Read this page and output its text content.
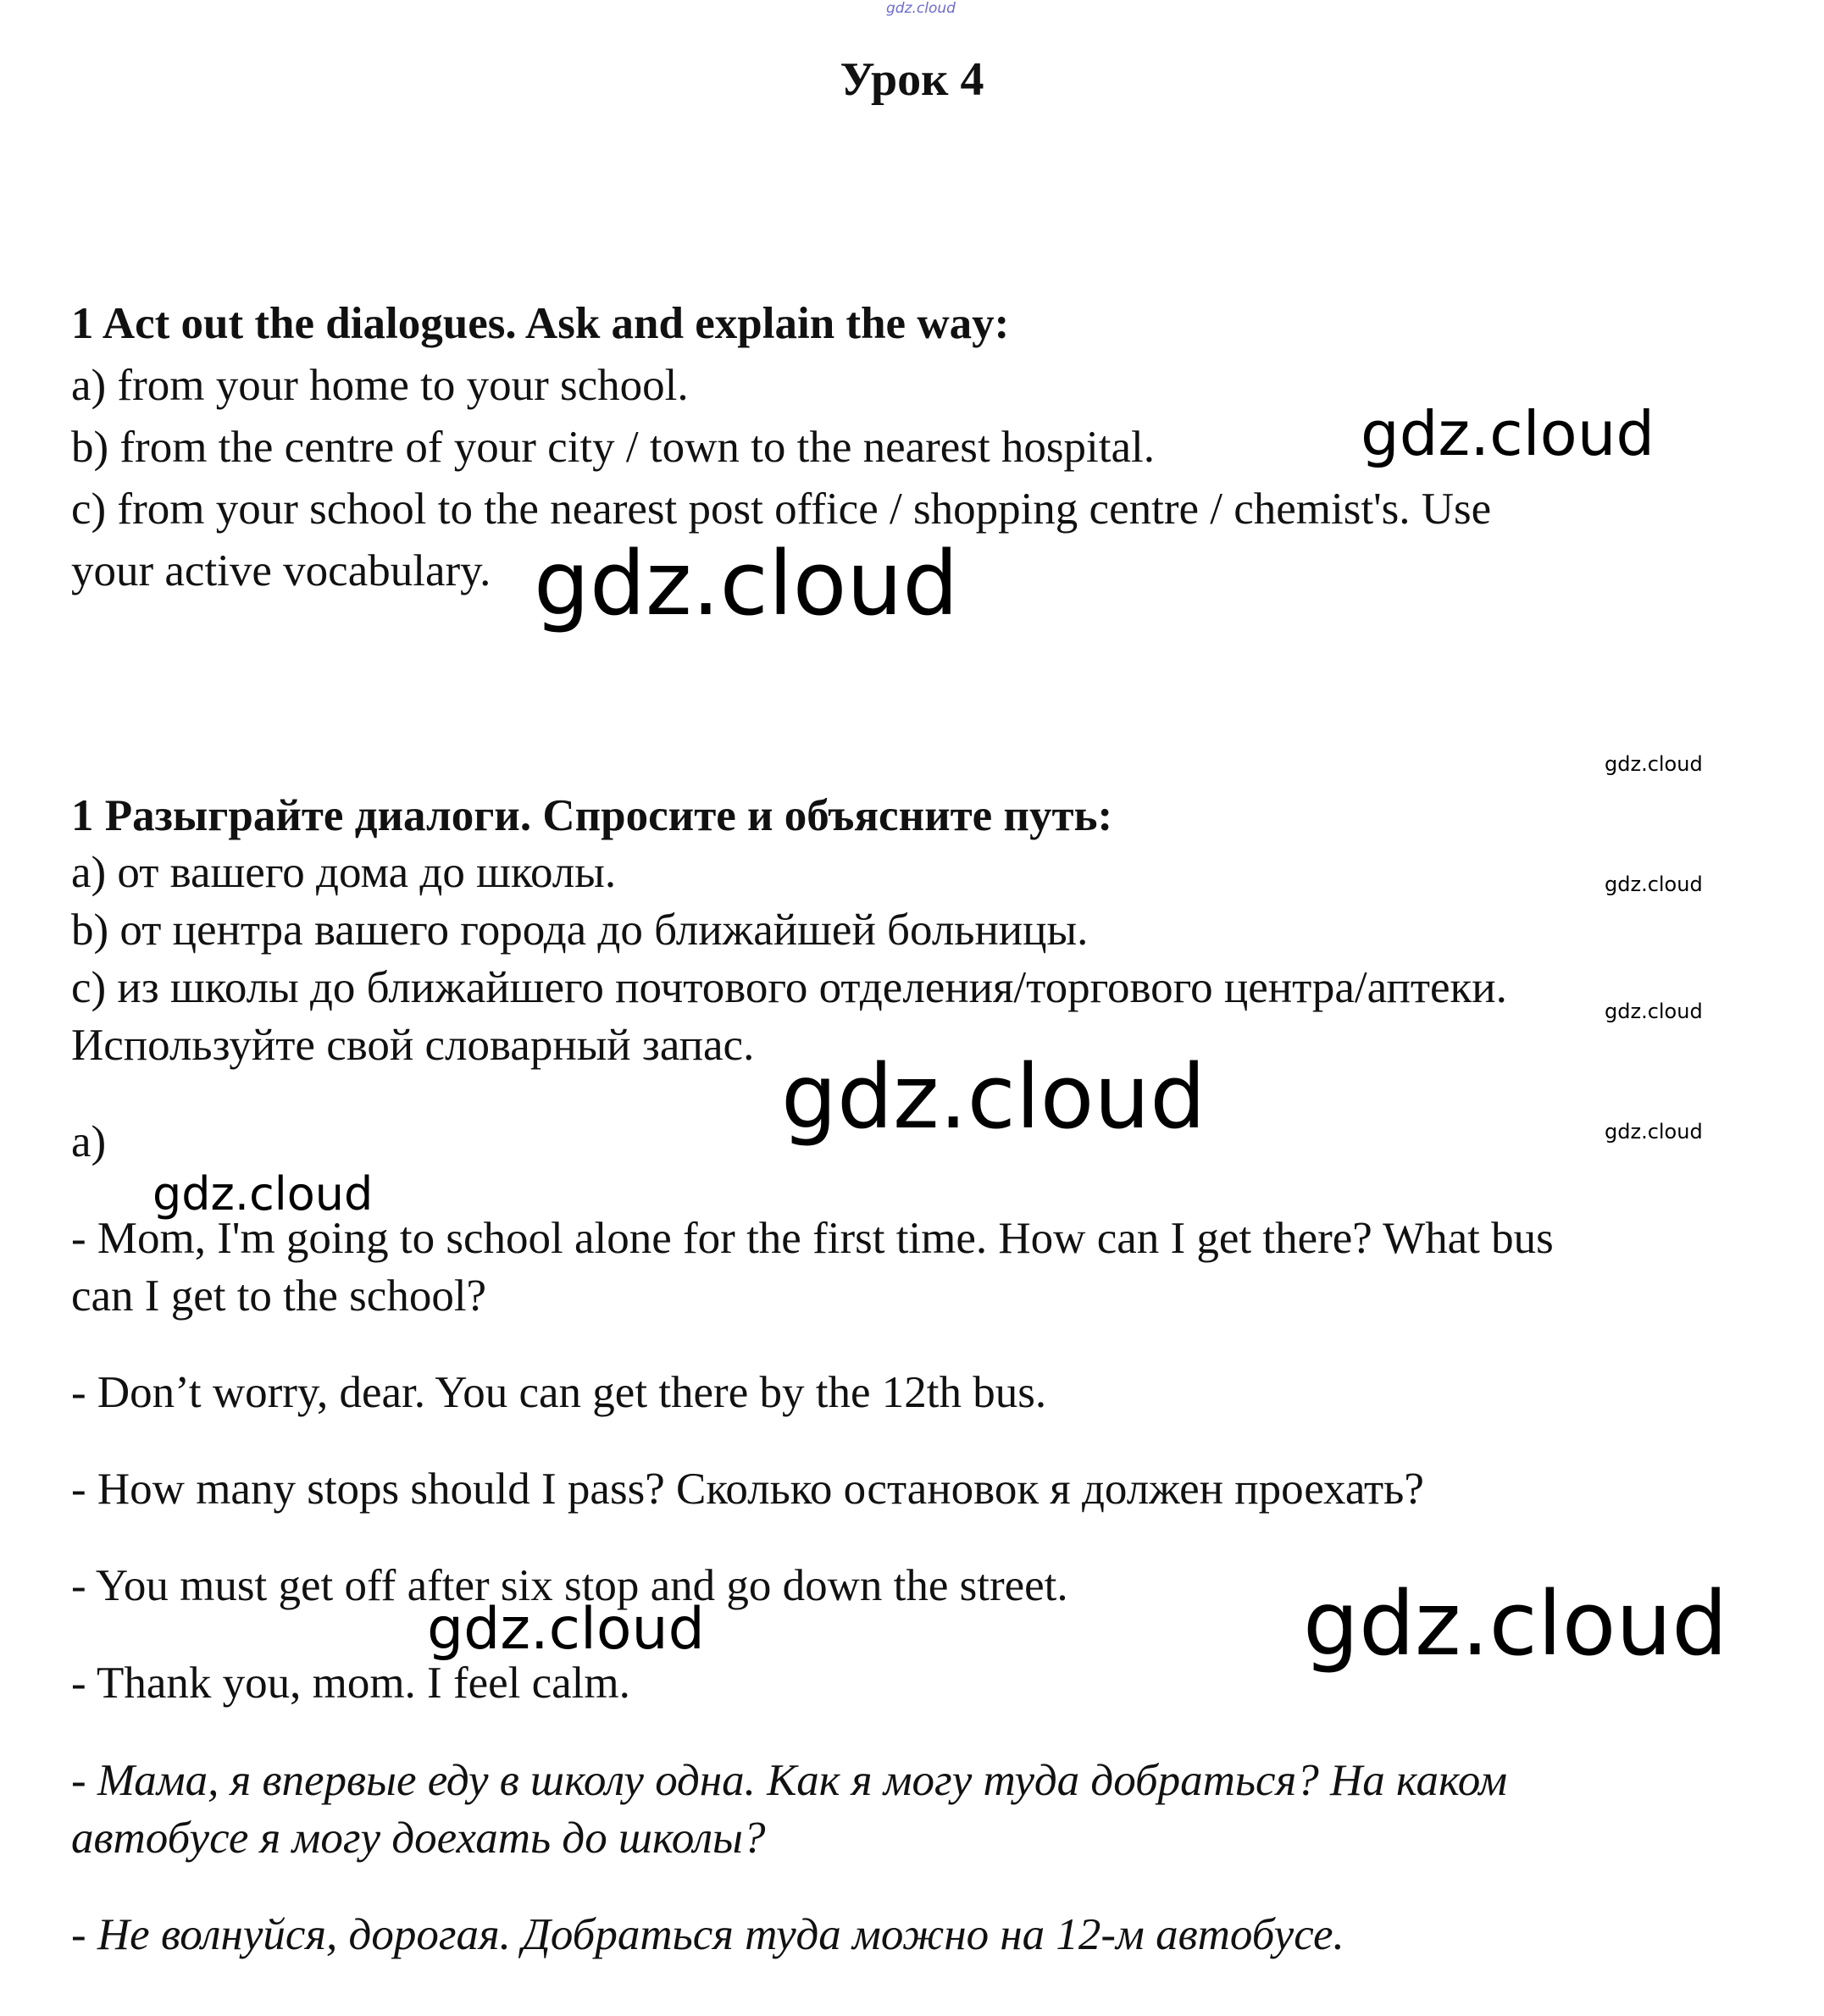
gdz.cloud
Урок 4
1 Act out the dialogues. Ask and explain the way:
a) from your home to your school.
b) from the centre of your city / town to the nearest hospital.
c) from your school to the nearest post office / shopping centre / chemist's. Use
your active vocabulary.
1 Разыграйте диалоги. Спросите и объясните путь:
а) от вашего дома до школы.
b) от центра вашего города до ближайшей больницы.
с) из школы до ближайшего почтового отделения/торгового центра/аптеки.
Используйте свой словарный запас.
a)
- Mom, I'm going to school alone for the first time. How can I get there? What bus
can I get to the school?
- Don’t worry, dear. You can get there by the 12th bus.
- How many stops should I pass? Сколько остановок я должен проехать?
- You must get off after six stop and go down the street.
- Thank you, mom. I feel calm.
- Мама, я впервые еду в школу одна. Как я могу туда добраться? На каком
автобусе я могу доехать до школы?
- Не волнуйся, дорогая. Добраться туда можно на 12-м автобусе.
gdz.cloud
gdz.cloud
gdz.cloud
gdz.cloud
gdz.cloud
gdz.cloud	gdz.cloud
gdz.cloud
gdz.cloud	gdz.cloud
